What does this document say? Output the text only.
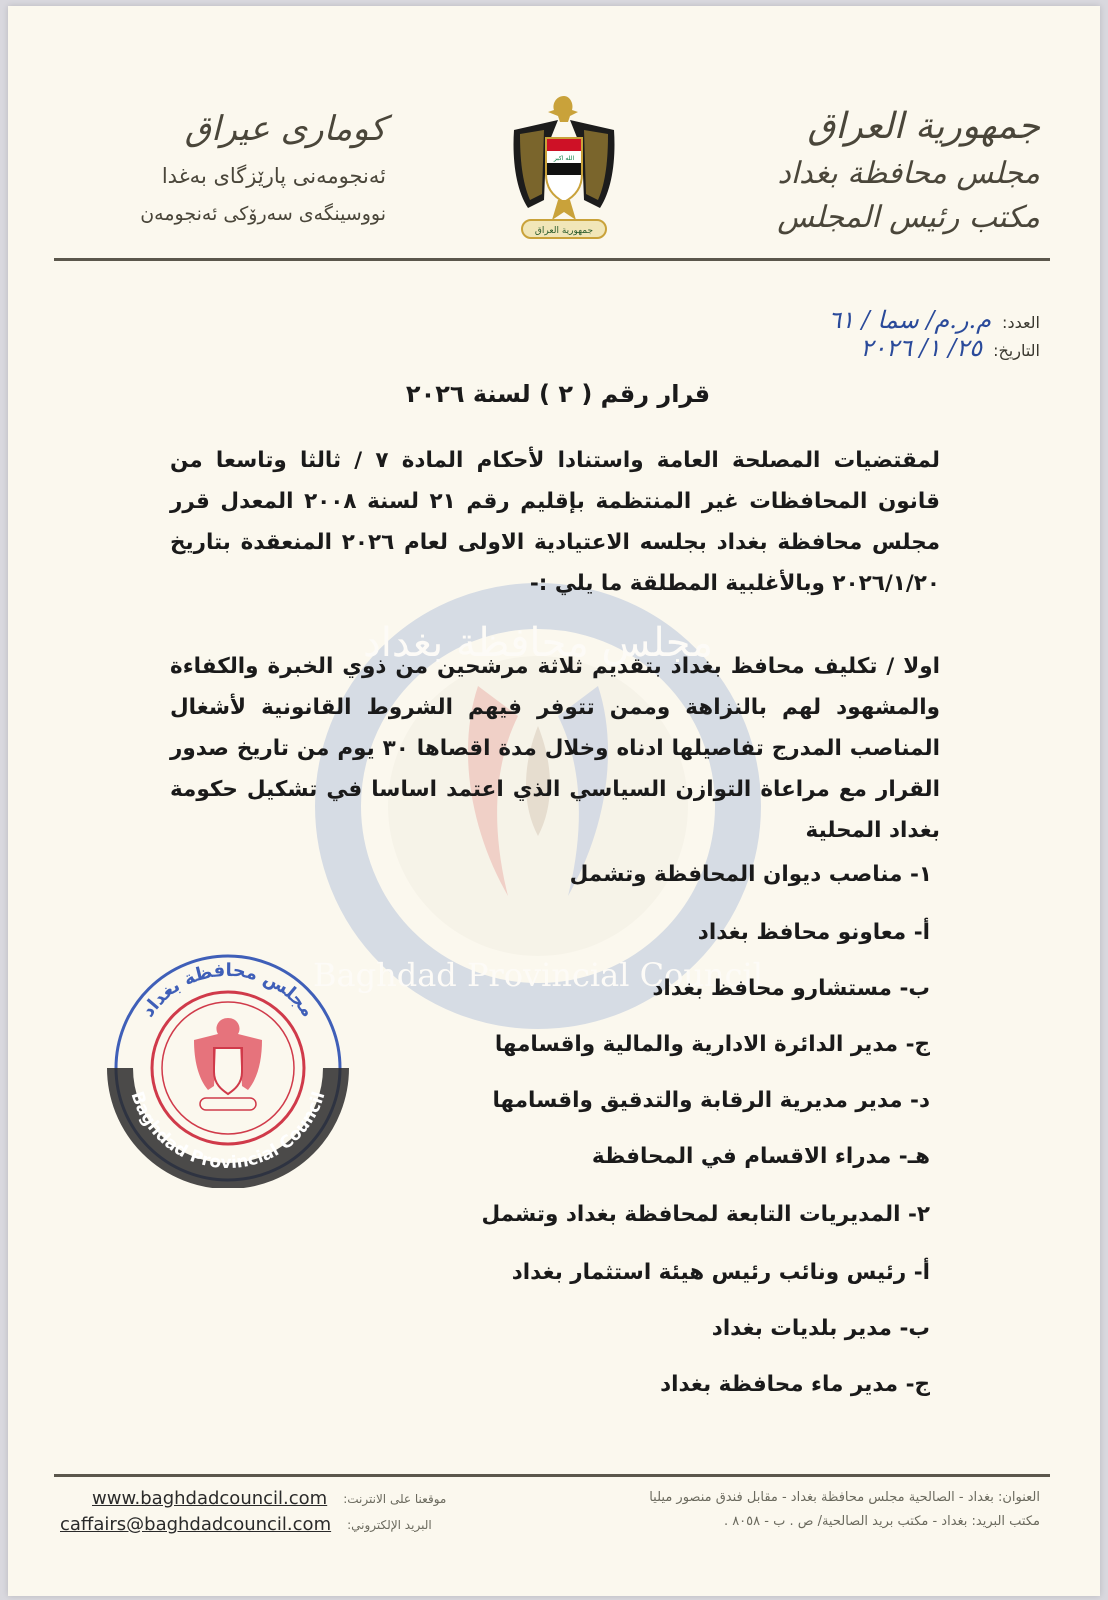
جمهورية العراق
مجلس محافظة بغداد
مكتب رئيس المجلس
الله اكبر
جمهورية العراق
کوماری عیراق
ئەنجومەنی پارێزگای بەغدا
نووسینگەی سەرۆکی ئەنجومەن
العدد: م.ر.م/ سما / ٦١
التاريخ: ٢٥/ ١/ ٢٠٢٦
مجلس محافظة بغداد
Baghdad Provincial Council
قرار رقم ( ٢ ) لسنة ٢٠٢٦
لمقتضيات المصلحة العامة واستنادا لأحكام المادة ٧ / ثالثا وتاسعا من قانون المحافظات غير المنتظمة بإقليم رقم ٢١ لسنة ٢٠٠٨ المعدل قرر مجلس محافظة بغداد بجلسه الاعتيادية الاولى لعام ٢٠٢٦ المنعقدة بتاريخ ٢٠٢٦/١/٢٠ وبالأغلبية المطلقة ما يلي :-
اولا / تكليف محافظ بغداد بتقديم ثلاثة مرشحين من ذوي الخبرة والكفاءة والمشهود لهم بالنزاهة وممن تتوفر فيهم الشروط القانونية لأشغال المناصب المدرج تفاصيلها ادناه وخلال مدة اقصاها ٣٠ يوم من تاريخ صدور القرار مع مراعاة التوازن السياسي الذي اعتمد اساسا في تشكيل حكومة بغداد المحلية
١- مناصب ديوان المحافظة وتشمل
أ- معاونو محافظ بغداد
ب- مستشارو محافظ بغداد
ج- مدير الدائرة الادارية والمالية واقسامها
د- مدير مديرية الرقابة والتدقيق واقسامها
هـ- مدراء الاقسام في المحافظة
٢- المديريات التابعة لمحافظة بغداد وتشمل
أ- رئيس ونائب رئيس هيئة استثمار بغداد
ب- مدير بلديات بغداد
ج- مدير ماء محافظة بغداد
مجلس محافظة بغداد
Baghdad Provincial Council
العنوان: بغداد - الصالحية مجلس محافظة بغداد - مقابل فندق منصور ميليا
مكتب البريد: بغداد - مكتب بريد الصالحية/ ص . ب - ٨٠٥٨ .
www.baghdadcouncil.com موقعنا على الانترنت:
caffairs@baghdadcouncil.com البريد الإلكتروني:
